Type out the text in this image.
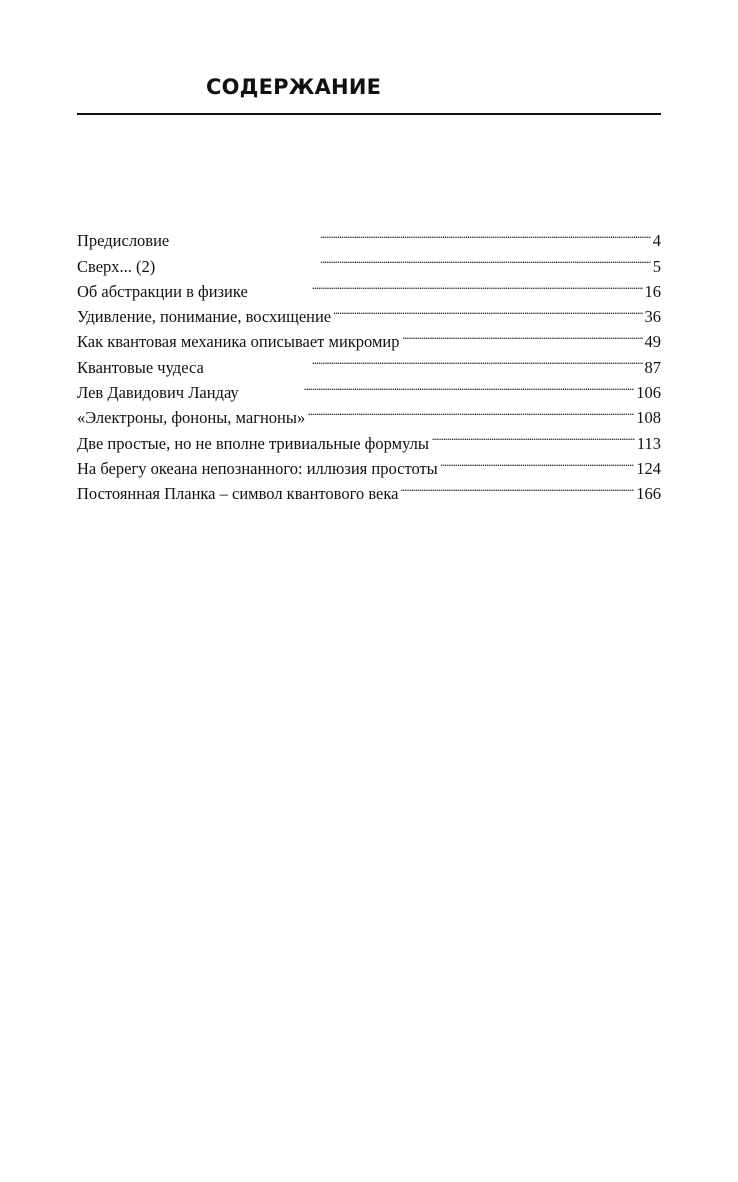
СОДЕРЖАНИЕ
Предисловие . . .	4
Сверх... (2) . . .	5
Об абстракции в физике . . .	16
Удивление, понимание, восхищение . . .	36
Как квантовая механика описывает микромир . . .	49
Квантовые чудеса . . .	87
Лев Давидович Ландау . . .	106
«Электроны, фононы, магноны» . . .	108
Две простые, но не вполне тривиальные формулы . . .	113
На берегу океана непознанного: иллюзия простоты . . .	124
Постоянная Планка – символ квантового века . . .	166
